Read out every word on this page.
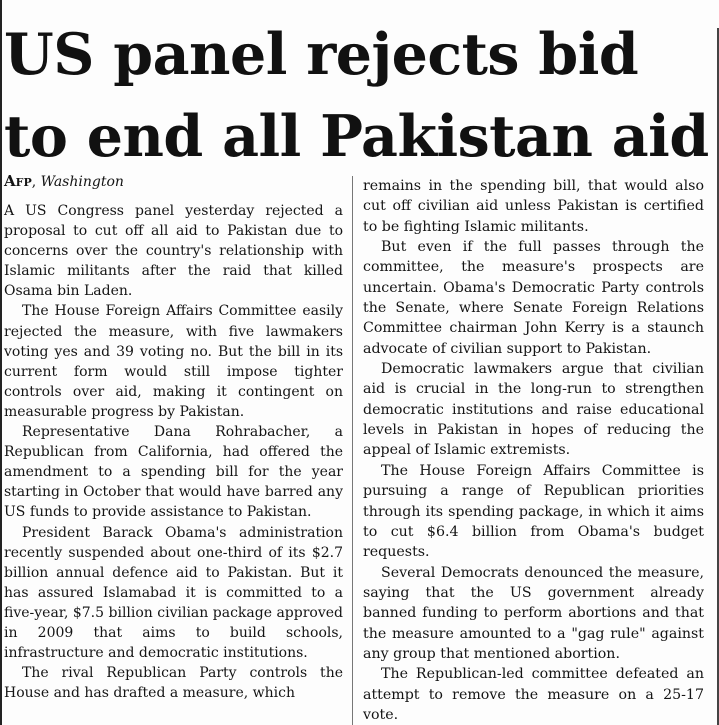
US panel rejects bid to end all Pakistan aid
Afp, Washington

A US Congress panel yesterday rejected a proposal to cut off all aid to Pakistan due to concerns over the country's relationship with Islamic militants after the raid that killed Osama bin Laden.

The House Foreign Affairs Committee easily rejected the measure, with five lawmakers voting yes and 39 voting no. But the bill in its current form would still impose tighter controls over aid, making it contingent on measurable progress by Pakistan.

Representative Dana Rohrabacher, a Republican from California, had offered the amendment to a spending bill for the year starting in October that would have barred any US funds to provide assistance to Pakistan.

President Barack Obama's administration recently suspended about one-third of its $2.7 billion annual defence aid to Pakistan. But it has assured Islamabad it is committed to a five-year, $7.5 billion civilian package approved in 2009 that aims to build schools, infrastructure and democratic institutions.

The rival Republican Party controls the House and has drafted a measure, which

remains in the spending bill, that would also cut off civilian aid unless Pakistan is certified to be fighting Islamic militants.

But even if the full passes through the committee, the measure's prospects are uncertain. Obama's Democratic Party controls the Senate, where Senate Foreign Relations Committee chairman John Kerry is a staunch advocate of civilian support to Pakistan.

Democratic lawmakers argue that civilian aid is crucial in the long-run to strengthen democratic institutions and raise educational levels in Pakistan in hopes of reducing the appeal of Islamic extremists.

The House Foreign Affairs Committee is pursuing a range of Republican priorities through its spending package, in which it aims to cut $6.4 billion from Obama's budget requests.

Several Democrats denounced the measure, saying that the US government already banned funding to perform abortions and that the measure amounted to a "gag rule" against any group that mentioned abortion.

The Republican-led committee defeated an attempt to remove the measure on a 25-17 vote.
